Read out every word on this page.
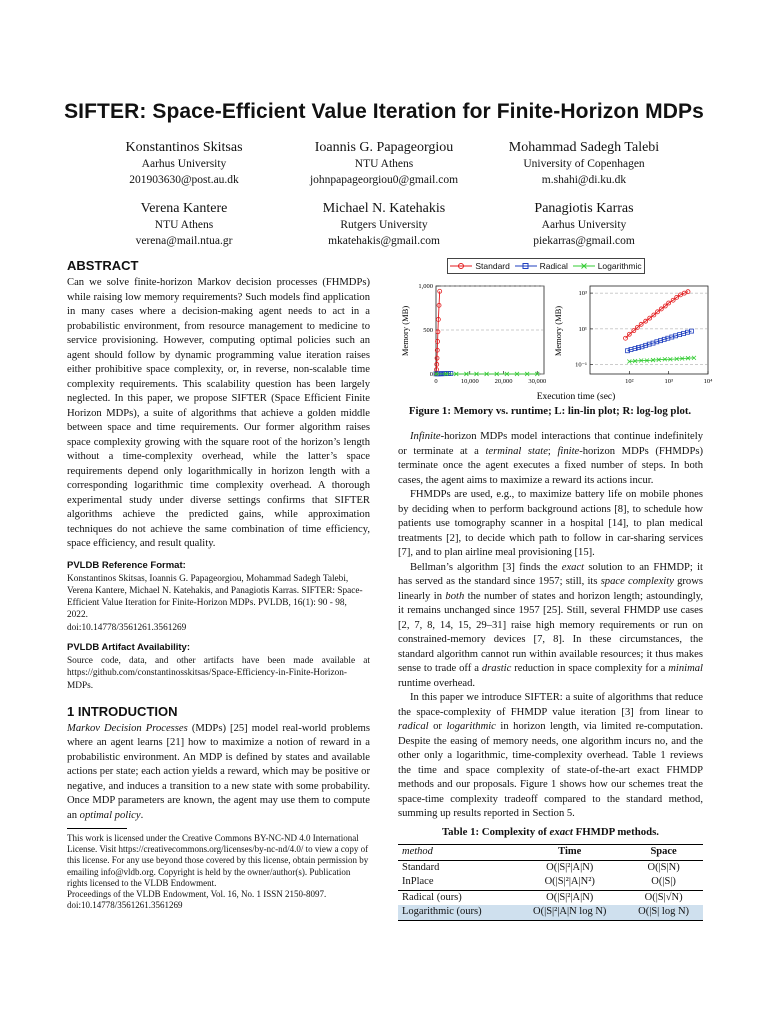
SIFTER: Space-Efficient Value Iteration for Finite-Horizon MDPs
Konstantinos Skitsas
Aarhus University
201903630@post.au.dk
Ioannis G. Papageorgiou
NTU Athens
johnpapageorgiou0@gmail.com
Mohammad Sadegh Talebi
University of Copenhagen
m.shahi@di.ku.dk
Verena Kantere
NTU Athens
verena@mail.ntua.gr
Michael N. Katehakis
Rutgers University
mkatehakis@gmail.com
Panagiotis Karras
Aarhus University
piekarras@gmail.com
ABSTRACT
Can we solve finite-horizon Markov decision processes (FHMDPs) while raising low memory requirements? Such models find application in many cases where a decision-making agent needs to act in a probabilistic environment, from resource management to medicine to service provisioning. However, computing optimal policies such an agent should follow by dynamic programming value iteration raises either prohibitive space complexity, or, in reverse, non-scalable time complexity requirements. This scalability question has been largely neglected. In this paper, we propose SIFTER (Space Efficient Finite Horizon MDPs), a suite of algorithms that achieve a golden middle between space and time requirements. Our former algorithm raises space complexity growing with the square root of the horizon’s length without a time-complexity overhead, while the latter’s space requirements depend only logarithmically in horizon length with a corresponding logarithmic time complexity overhead. A thorough experimental study under diverse settings confirms that SIFTER algorithms achieve the predicted gains, while approximation techniques do not achieve the same combination of time efficiency, space efficiency, and result quality.
PVLDB Reference Format:
Konstantinos Skitsas, Ioannis G. Papageorgiou, Mohammad Sadegh Talebi, Verena Kantere, Michael N. Katehakis, and Panagiotis Karras. SIFTER: Space-Efficient Value Iteration for Finite-Horizon MDPs. PVLDB, 16(1): 90 - 98, 2022.
doi:10.14778/3561261.3561269
PVLDB Artifact Availability:
Source code, data, and other artifacts have been made available at https://github.com/constantinosskitsas/Space-Efficiency-in-Finite-Horizon-MDPs.
1 INTRODUCTION
Markov Decision Processes (MDPs) [25] model real-world problems where an agent learns [21] how to maximize a notion of reward in a probabilistic environment. An MDP is defined by states and available actions per state; each action yields a reward, which may be positive or negative, and induces a transition to a new state with some probability. Once MDP parameters are known, the agent may use them to compute an optimal policy.
This work is licensed under the Creative Commons BY-NC-ND 4.0 International License. Visit https://creativecommons.org/licenses/by-nc-nd/4.0/ to view a copy of this license. For any use beyond those covered by this license, obtain permission by emailing info@vldb.org. Copyright is held by the owner/author(s). Publication rights licensed to the VLDB Endowment.
Proceedings of the VLDB Endowment, Vol. 16, No. 1 ISSN 2150-8097.
doi:10.14778/3561261.3561269
Standard	Radical	Logarithmic
Memory (MB)
0	10,000 20,000 30,000
0
500
1,000
Memory (MB)
10²	10³	10⁴
10⁻¹
10¹
10³
Execution time (sec)
Figure 1: Memory vs. runtime; L: lin-lin plot; R: log-log plot.

Infinite-horizon MDPs model interactions that continue indefinitely or terminate at a terminal state; finite-horizon MDPs (FHMDPs) terminate once the agent executes a fixed number of steps. In both cases, the agent aims to maximize a reward its actions incur.

FHMDPs are used, e.g., to maximize battery life on mobile phones by deciding when to perform background actions [8], to schedule how patients use tomography scanner in a hospital [14], to plan medical treatments [2], to decide which path to follow in car-sharing services [7], and to plan airline meal provisioning [15].

Bellman’s algorithm [3] finds the exact solution to an FHMDP; it has served as the standard since 1957; still, its space complexity grows linearly in both the number of states and horizon length; astoundingly, it remains unchanged since 1957 [25]. Still, several FHMDP use cases [2, 7, 8, 14, 15, 29–31] raise high memory requirements or run on constrained-memory devices [7, 8]. In these circumstances, the standard algorithm cannot run within available resources; it thus makes sense to trade off a drastic reduction in space complexity for a minimal runtime overhead.

In this paper we introduce SIFTER: a suite of algorithms that reduce the space-complexity of FHMDP value iteration [3] from linear to radical or logarithmic in horizon length, via limited re-computation. Despite the easing of memory needs, one algorithm incurs no, and the other only a logarithmic, time-complexity overhead. Table 1 reviews the time and space complexity of state-of-the-art exact FHMDP methods and our proposals. Figure 1 shows how our schemes treat the space-time complexity tradeoff compared to the standard method, summing up results reported in Section 5.

Table 1: Complexity of exact FHMDP methods.
method	Time	Space
Standard	O(|S|²|A|N)	O(|S|N)
InPlace	O(|S|²|A|N²)	O(|S|)
Radical (ours)	O(|S|²|A|N)	O(|S|√N)
Logarithmic (ours)	O(|S|²|A|N log N)	O(|S| log N)
